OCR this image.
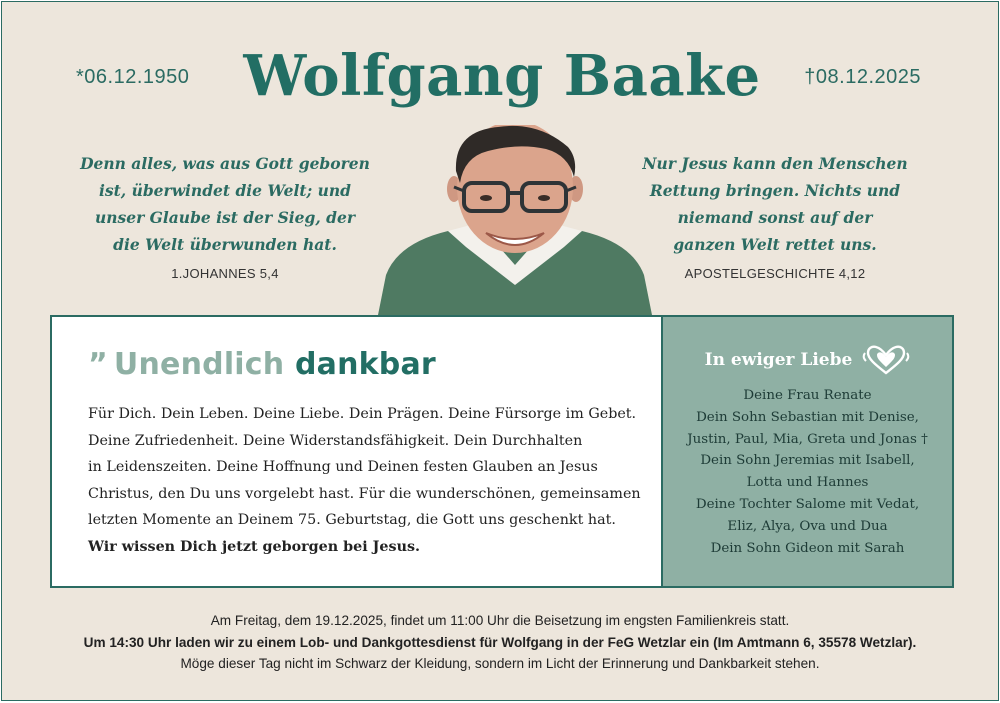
*06.12.1950 Wolfgang Baake	†08.12.2025
Denn alles, was aus Gott geboren
ist, überwindet die Welt; und
unser Glaube ist der Sieg, der
die Welt überwunden hat.
1.JOHANNES 5,4
Nur Jesus kann den Menschen
Rettung bringen. Nichts und
niemand sonst auf der
ganzen Welt rettet uns.
APOSTELGESCHICHTE 4,12
” Unendlich dankbar

Für Dich. Dein Leben. Deine Liebe. Dein Prägen. Deine Fürsorge im Gebet.

Deine Zufriedenheit. Deine Widerstandsfähigkeit. Dein Durchhalten

in Leidenszeiten. Deine Hoffnung und Deinen festen Glauben an Jesus

Christus, den Du uns vorgelebt hast. Für die wunderschönen, gemeinsamen

letzten Momente an Deinem 75. Geburtstag, die Gott uns geschenkt hat.

Wir wissen Dich jetzt geborgen bei Jesus.

In ewiger Liebe
Deine Frau Renate
Dein Sohn Sebastian mit Denise,
Justin, Paul, Mia, Greta und Jonas †
Dein Sohn Jeremias mit Isabell,
Lotta und Hannes
Deine Tochter Salome mit Vedat,
Eliz, Alya, Ova und Dua
Dein Sohn Gideon mit Sarah
Am Freitag, dem 19.12.2025, findet um 11:00 Uhr die Beisetzung im engsten Familienkreis statt.
Um 14:30 Uhr laden wir zu einem Lob- und Dankgottesdienst für Wolfgang in der FeG Wetzlar ein (Im Amtmann 6, 35578 Wetzlar).
Möge dieser Tag nicht im Schwarz der Kleidung, sondern im Licht der Erinnerung und Dankbarkeit stehen.
